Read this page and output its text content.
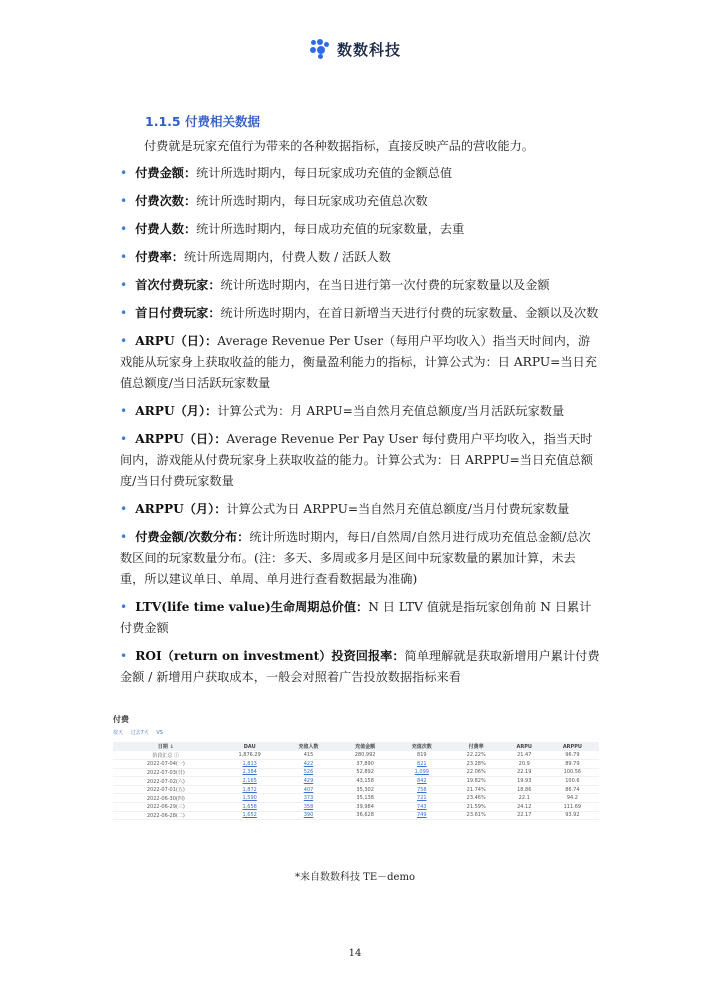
数数科技
1.1.5 付费相关数据

付费就是玩家充值行为带来的各种数据指标，直接反映产品的营收能力。

• 付费金额：统计所选时期内，每日玩家成功充值的金额总值

• 付费次数：统计所选时期内，每日玩家成功充值总次数

• 付费人数：统计所选时期内，每日成功充值的玩家数量，去重

• 付费率：统计所选周期内，付费人数 / 活跃人数

• 首次付费玩家：统计所选时期内，在当日进行第一次付费的玩家数量以及金额

• 首日付费玩家：统计所选时期内，在首日新增当天进行付费的玩家数量、金额以及次数

• ARPU（日）：Average Revenue Per User（每用户平均收入）指当天时间内，游戏能从玩家身上获取收益的能力，衡量盈利能力的指标，计算公式为：日 ARPU=当日充值总额度/当日活跃玩家数量

• ARPU（月）：计算公式为：月 ARPU=当自然月充值总额度/当月活跃玩家数量

• ARPPU（日）：Average Revenue Per Pay User 每付费用户平均收入，指当天时间内，游戏能从付费玩家身上获取收益的能力。计算公式为：日 ARPPU=当日充值总额度/当日付费玩家数量

• ARPPU（月）：计算公式为日 ARPPU=当自然月充值总额度/当月付费玩家数量

• 付费金额/次数分布：统计所选时期内，每日/自然周/自然月进行成功充值总金额/总次数区间的玩家数量分布。(注：多天、多周或多月是区间中玩家数量的累加计算，未去重，所以建议单日、单周、单月进行查看数据最为准确)

• LTV(life time value)生命周期总价值：N 日 LTV 值就是指玩家创角前 N 日累计付费金额

• ROI（return on investment）投资回报率：简单理解就是获取新增用户累计付费金额 / 新增用户获取成本，一般会对照着广告投放数据指标来看

付费
按天 过去7天 VS
日期 ↓	DAU	充值人数	充值金额	充值次数	付费率	ARPU	ARPPU
阶段汇总 ⓘ	1,876.29	415	280,992	819	22.22%	21.47	96.79
2022-07-04(一)	1,813	422	37,890	821	23.28%	20.9	89.79
2022-07-03(日)	2,384	526	52,892	1,099	22.06%	22.19	100.56
2022-07-02(六)	2,165	429	43,158	842	19.82%	19.93	100.6
2022-07-01(五)	1,872	407	35,302	758	21.74%	18.86	86.74
2022-06-30(四)	1,590	373	35,138	721	23.46%	22.1	94.2
2022-06-29(三)	1,658	358	39,984	743	21.59%	24.12	111.69
2022-06-28(二)	1,652	390	36,628	749	23.61%	22.17	93.92
*来自数数科技 TE－demo
14
